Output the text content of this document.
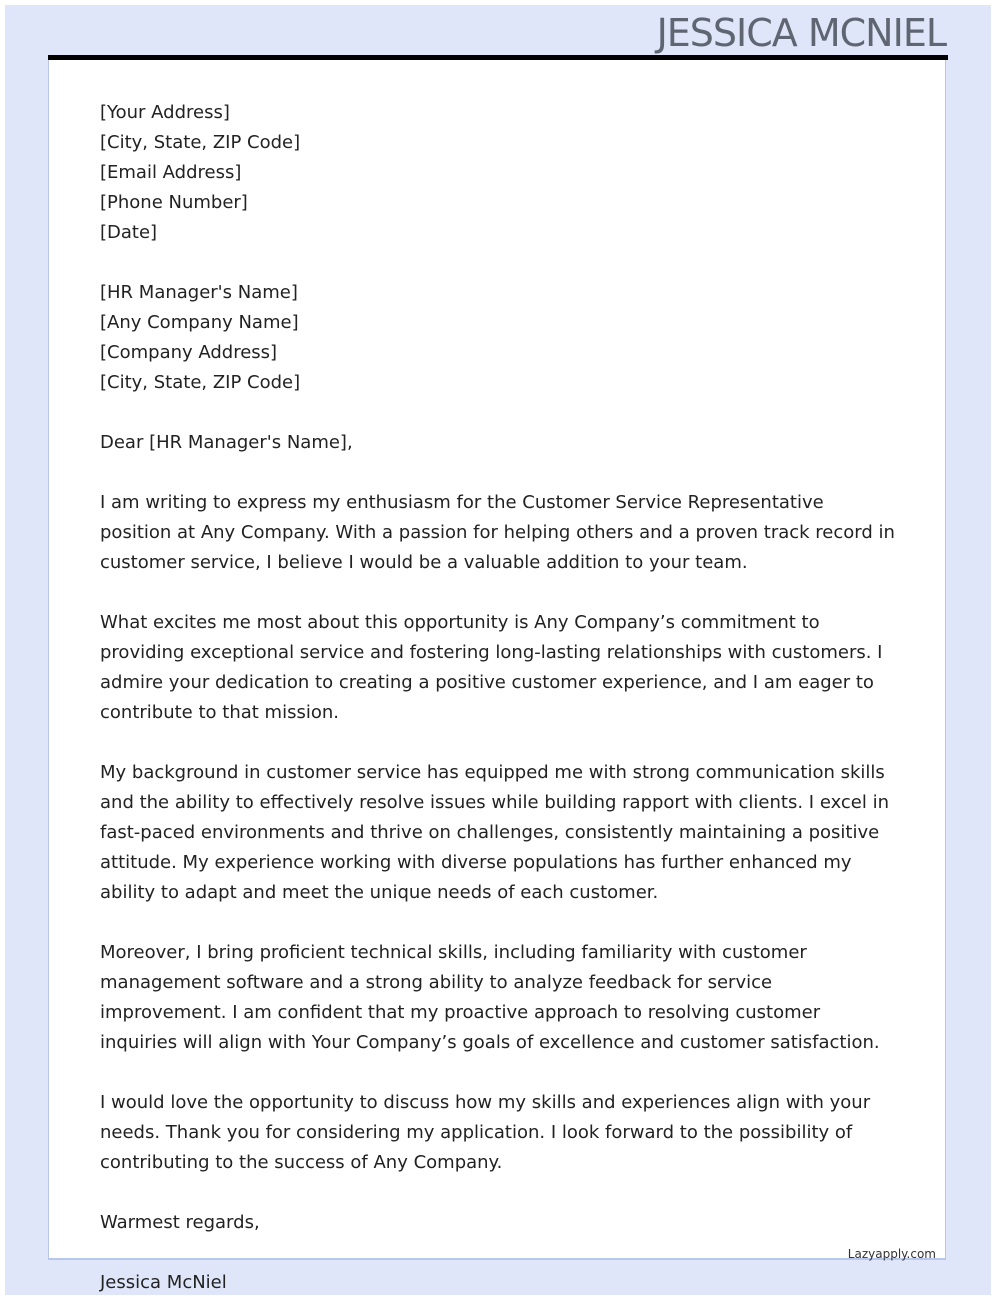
JESSICA MCNIEL
[Your Address]
[City, State, ZIP Code]
[Email Address]
[Phone Number]
[Date]
[HR Manager's Name]
[Any Company Name]
[Company Address]
[City, State, ZIP Code]
Dear [HR Manager's Name],

I am writing to express my enthusiasm for the Customer Service Representative position at Any Company. With a passion for helping others and a proven track record in customer service, I believe I would be a valuable addition to your team.

What excites me most about this opportunity is Any Company’s commitment to providing exceptional service and fostering long-lasting relationships with customers. I admire your dedication to creating a positive customer experience, and I am eager to contribute to that mission.

My background in customer service has equipped me with strong communication skills and the ability to effectively resolve issues while building rapport with clients. I excel in fast-paced environments and thrive on challenges, consistently maintaining a positive attitude. My experience working with diverse populations has further enhanced my ability to adapt and meet the unique needs of each customer.

Moreover, I bring proficient technical skills, including familiarity with customer management software and a strong ability to analyze feedback for service improvement. I am confident that my proactive approach to resolving customer inquiries will align with Your Company’s goals of excellence and customer satisfaction.

I would love the opportunity to discuss how my skills and experiences align with your needs. Thank you for considering my application. I look forward to the possibility of contributing to the success of Any Company.

Warmest regards,
Lazyapply.com
Jessica McNiel
